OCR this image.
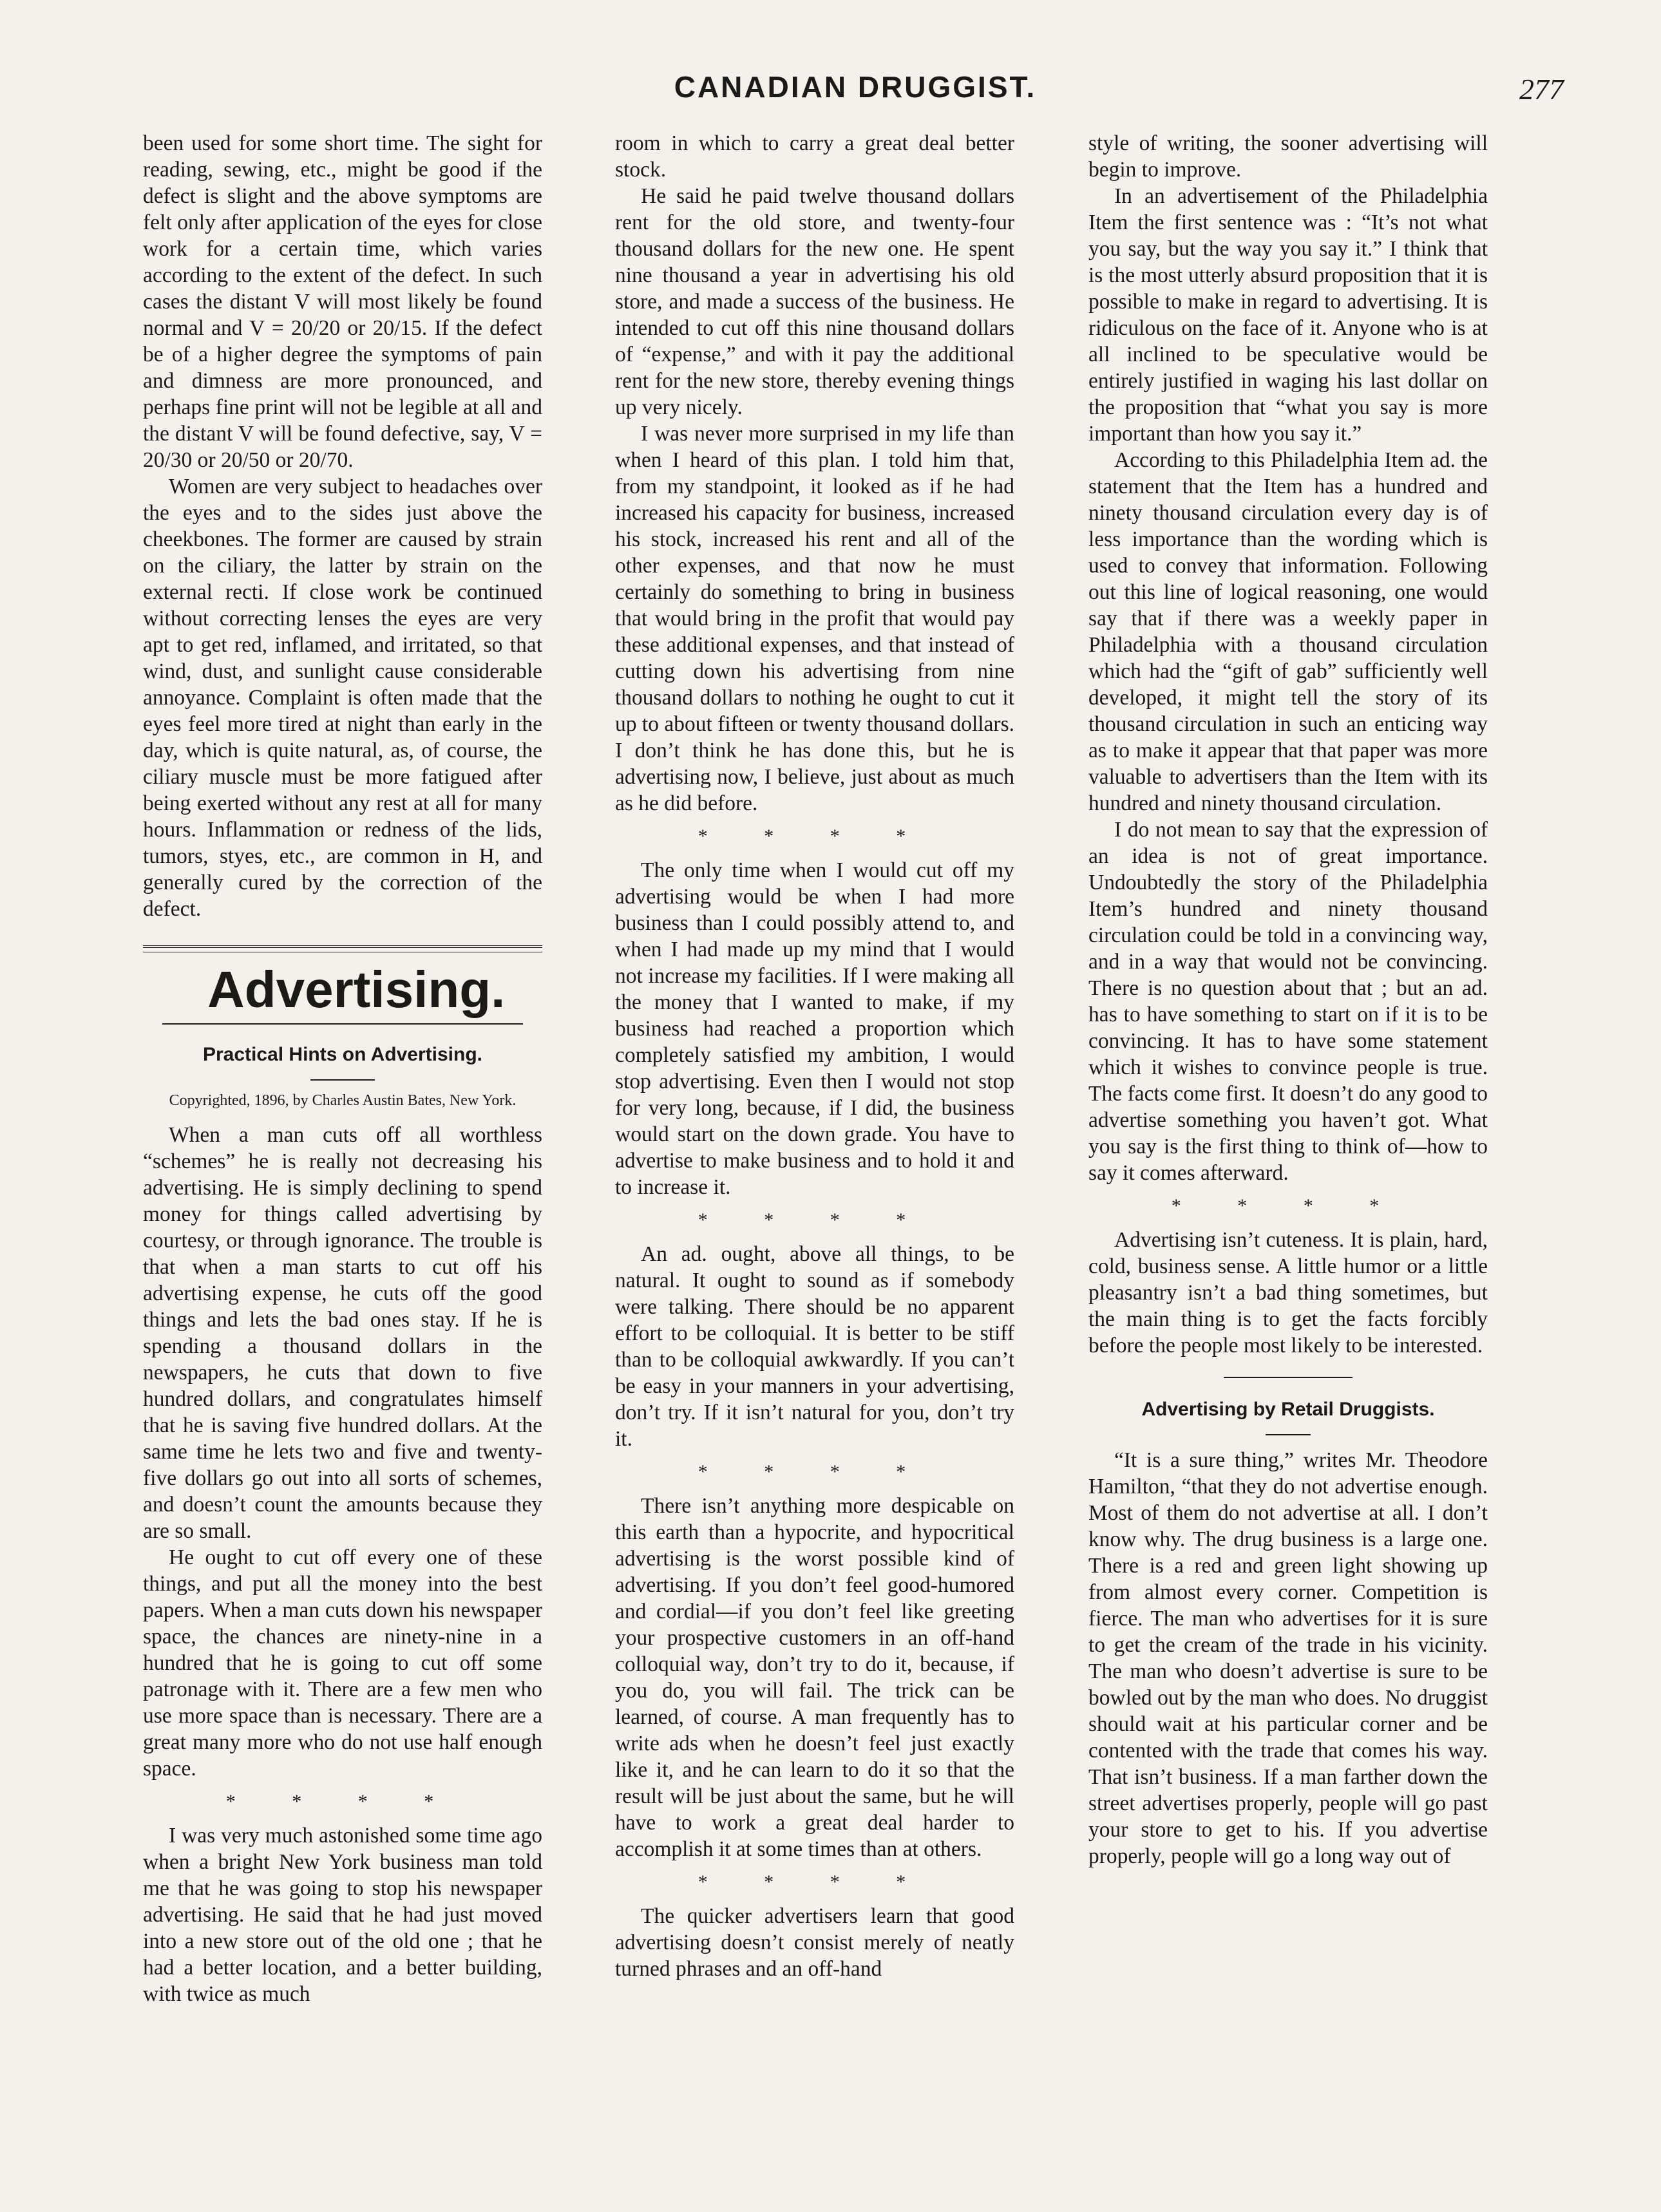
CANADIAN DRUGGIST.	277

been used for some short time. The sight for reading, sewing, etc., might be good if the defect is slight and the above symptoms are felt only after application of the eyes for close work for a certain time, which varies according to the extent of the defect. In such cases the distant V will most likely be found normal and V = 20/20 or 20/15. If the defect be of a higher degree the symptoms of pain and dimness are more pronounced, and perhaps fine print will not be legible at all and the distant V will be found defective, say, V = 20/30 or 20/50 or 20/70.

Women are very subject to headaches over the eyes and to the sides just above the cheekbones. The former are caused by strain on the ciliary, the latter by strain on the external recti. If close work be continued without correcting lenses the eyes are very apt to get red, inflamed, and irritated, so that wind, dust, and sunlight cause considerable annoyance. Complaint is often made that the eyes feel more tired at night than early in the day, which is quite natural, as, of course, the ciliary muscle must be more fatigued after being exerted without any rest at all for many hours. Inflammation or redness of the lids, tumors, styes, etc., are common in H, and generally cured by the correction of the defect.

Advertising.
Practical Hints on Advertising.
Copyrighted, 1896, by Charles Austin Bates, New York.

When a man cuts off all worthless “schemes” he is really not decreasing his advertising. He is simply declining to spend money for things called advertising by courtesy, or through ignorance. The trouble is that when a man starts to cut off his advertising expense, he cuts off the good things and lets the bad ones stay. If he is spending a thousand dollars in the newspapers, he cuts that down to five hundred dollars, and congratulates himself that he is saving five hundred dollars. At the same time he lets two and five and twenty-five dollars go out into all sorts of schemes, and doesn’t count the amounts because they are so small.

He ought to cut off every one of these things, and put all the money into the best papers. When a man cuts down his newspaper space, the chances are ninety-nine in a hundred that he is going to cut off some patronage with it. There are a few men who use more space than is necessary. There are a great many more who do not use half enough space.

* * * *

I was very much astonished some time ago when a bright New York business man told me that he was going to stop his newspaper advertising. He said that he had just moved into a new store out of the old one ; that he had a better location, and a better building, with twice as much

room in which to carry a great deal better stock.

He said he paid twelve thousand dollars rent for the old store, and twenty-four thousand dollars for the new one. He spent nine thousand a year in advertising his old store, and made a success of the business. He intended to cut off this nine thousand dollars of “expense,” and with it pay the additional rent for the new store, thereby evening things up very nicely.

I was never more surprised in my life than when I heard of this plan. I told him that, from my standpoint, it looked as if he had increased his capacity for business, increased his stock, increased his rent and all of the other expenses, and that now he must certainly do something to bring in business that would bring in the profit that would pay these additional expenses, and that instead of cutting down his advertising from nine thousand dollars to nothing he ought to cut it up to about fifteen or twenty thousand dollars. I don’t think he has done this, but he is advertising now, I believe, just about as much as he did before.

* * * *

The only time when I would cut off my advertising would be when I had more business than I could possibly attend to, and when I had made up my mind that I would not increase my facilities. If I were making all the money that I wanted to make, if my business had reached a proportion which completely satisfied my ambition, I would stop advertising. Even then I would not stop for very long, because, if I did, the business would start on the down grade. You have to advertise to make business and to hold it and to increase it.

* * * *

An ad. ought, above all things, to be natural. It ought to sound as if somebody were talking. There should be no apparent effort to be colloquial. It is better to be stiff than to be colloquial awkwardly. If you can’t be easy in your manners in your advertising, don’t try. If it isn’t natural for you, don’t try it.

* * * *

There isn’t anything more despicable on this earth than a hypocrite, and hypocritical advertising is the worst possible kind of advertising. If you don’t feel good-humored and cordial—if you don’t feel like greeting your prospective customers in an off-hand colloquial way, don’t try to do it, because, if you do, you will fail. The trick can be learned, of course. A man frequently has to write ads when he doesn’t feel just exactly like it, and he can learn to do it so that the result will be just about the same, but he will have to work a great deal harder to accomplish it at some times than at others.

* * * *

The quicker advertisers learn that good advertising doesn’t consist merely of neatly turned phrases and an off-hand

style of writing, the sooner advertising will begin to improve.

In an advertisement of the Philadelphia Item the first sentence was : “It’s not what you say, but the way you say it.” I think that is the most utterly absurd proposition that it is possible to make in regard to advertising. It is ridiculous on the face of it. Anyone who is at all inclined to be speculative would be entirely justified in waging his last dollar on the proposition that “what you say is more important than how you say it.”

According to this Philadelphia Item ad. the statement that the Item has a hundred and ninety thousand circulation every day is of less importance than the wording which is used to convey that information. Following out this line of logical reasoning, one would say that if there was a weekly paper in Philadelphia with a thousand circulation which had the “gift of gab” sufficiently well developed, it might tell the story of its thousand circulation in such an enticing way as to make it appear that that paper was more valuable to advertisers than the Item with its hundred and ninety thousand circulation.

I do not mean to say that the expression of an idea is not of great importance. Undoubtedly the story of the Philadelphia Item’s hundred and ninety thousand circulation could be told in a convincing way, and in a way that would not be convincing. There is no question about that ; but an ad. has to have something to start on if it is to be convincing. It has to have some statement which it wishes to convince people is true. The facts come first. It doesn’t do any good to advertise something you haven’t got. What you say is the first thing to think of—how to say it comes afterward.

* * * *

Advertising isn’t cuteness. It is plain, hard, cold, business sense. A little humor or a little pleasantry isn’t a bad thing sometimes, but the main thing is to get the facts forcibly before the people most likely to be interested.

Advertising by Retail Druggists.

“It is a sure thing,” writes Mr. Theodore Hamilton, “that they do not advertise enough. Most of them do not advertise at all. I don’t know why. The drug business is a large one. There is a red and green light showing up from almost every corner. Competition is fierce. The man who advertises for it is sure to get the cream of the trade in his vicinity. The man who doesn’t advertise is sure to be bowled out by the man who does. No druggist should wait at his particular corner and be contented with the trade that comes his way. That isn’t business. If a man farther down the street advertises properly, people will go past your store to get to his. If you advertise properly, people will go a long way out of
